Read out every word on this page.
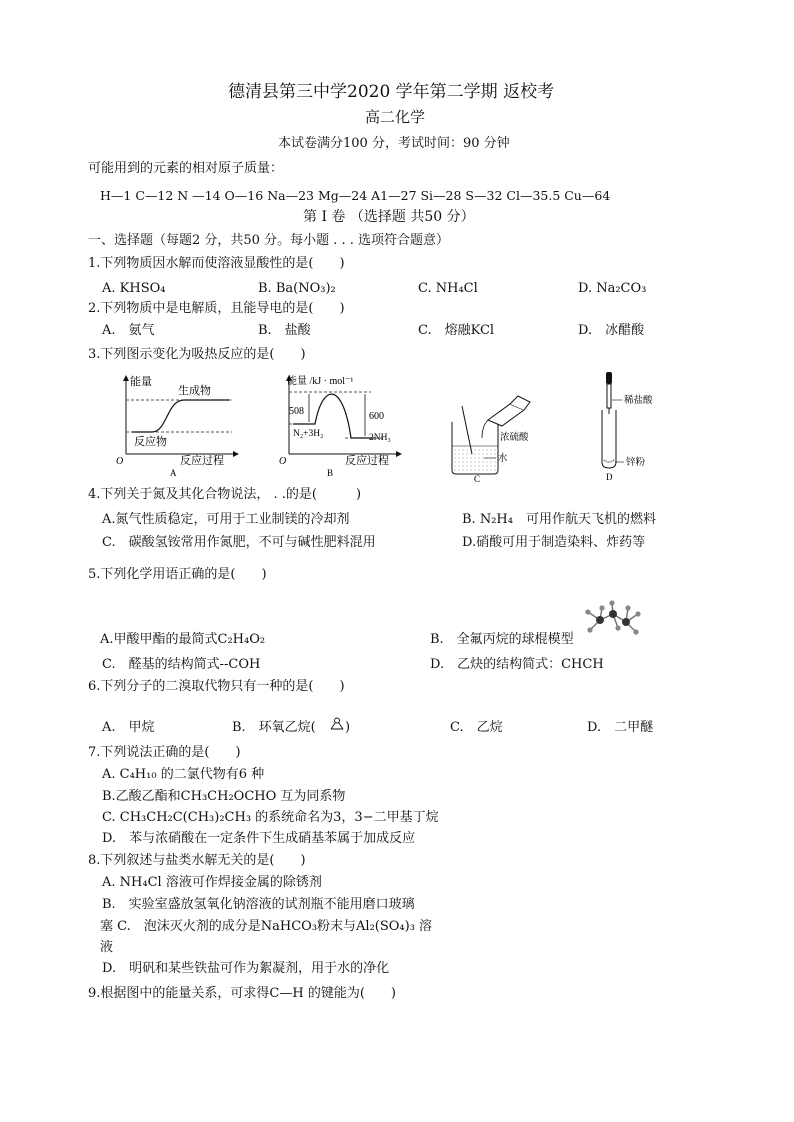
德清县第三中学2020 学年第二学期 返校考
高二化学
本试卷满分100 分，考试时间：90 分钟
可能用到的元素的相对原子质量：
H—1 C—12 N —14 O—16 Na—23 Mg—24 A1—27 Si—28 S—32 Cl—35.5 Cu—64
第 I 卷 （选择题 共50 分）
一、选择题（每题2 分，共50 分。每小题 . . . 选项符合题意）
1.下列物质因水解而使溶液显酸性的是(　　)
A. KHSO₄	B. Ba(NO₃)₂	C. NH₄Cl	D. Na₂CO₃
2.下列物质中是电解质，且能导电的是(　　)
A.　氨气	B.　盐酸	C.　熔融KCl	D.　冰醋酸
3.下列图示变化为吸热反应的是(　　)
能量
生成物
反应物
O	反应过程
A
能量 /kJ · mol⁻¹
508	600
N₂+3H₂	2NH₃
O	反应过程
B
浓硫酸
水
C
稀盐酸
锌粉
D
4.下列关于氮及其化合物说法， . .的是(　　　)
A.氮气性质稳定，可用于工业制镁的冷却剂	B. N₂H₄　可用作航天飞机的燃料
C.　碳酸氢铵常用作氮肥，不可与碱性肥料混用	D.硝酸可用于制造染料、炸药等
5.下列化学用语正确的是(　　)
A.甲酸甲酯的最简式C₂H₄O₂	B.　全氟丙烷的球棍模型
C.　醛基的结构简式--COH	D.　乙炔的结构简式：CHCH
6.下列分子的二溴取代物只有一种的是(　　)
A.　甲烷	B.　环氧乙烷( )	C.　乙烷	D.　二甲醚
7.下列说法正确的是(　　)
A. C₄H₁₀ 的二氯代物有6 种
B.乙酸乙酯和CH₃CH₂OCHO 互为同系物
C. CH₃CH₂C(CH₃)₂CH₃ 的系统命名为3，3−二甲基丁烷
D.　苯与浓硝酸在一定条件下生成硝基苯属于加成反应
8.下列叙述与盐类水解无关的是(　　)
A. NH₄Cl 溶液可作焊接金属的除锈剂
B.　实验室盛放氢氧化钠溶液的试剂瓶不能用磨口玻璃
塞 C.　泡沫灭火剂的成分是NaHCO₃粉末与Al₂(SO₄)₃ 溶
液
D.　明矾和某些铁盐可作为絮凝剂，用于水的净化
9.根据图中的能量关系，可求得C—H 的键能为(　　)
